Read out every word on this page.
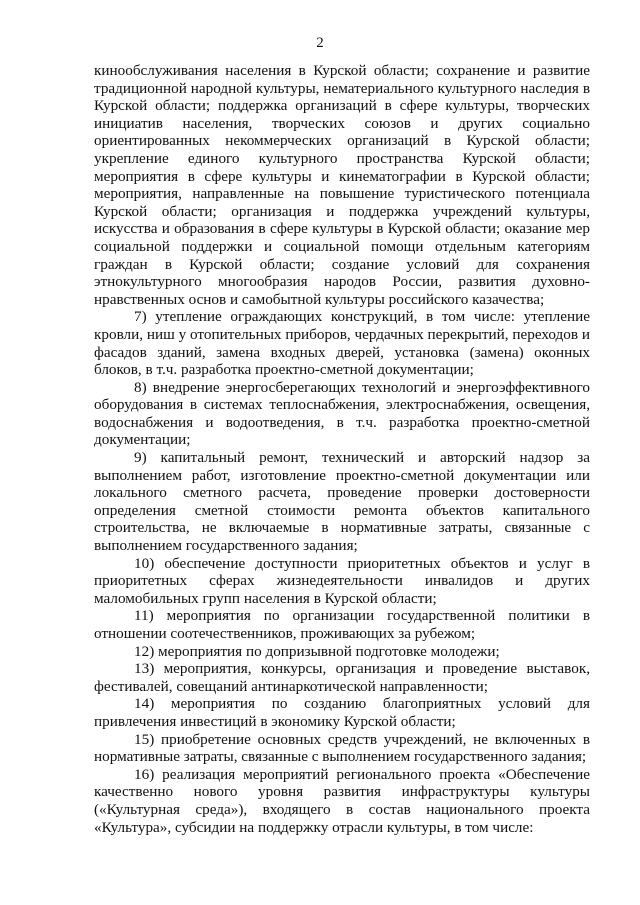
2

кинообслуживания населения в Курской области; сохранение и развитие традиционной народной культуры, нематериального культурного наследия в Курской области; поддержка организаций в сфере культуры, творческих инициатив населения, творческих союзов и других социально ориентированных некоммерческих организаций в Курской области; укрепление единого культурного пространства Курской области; мероприятия в сфере культуры и кинематографии в Курской области; мероприятия, направленные на повышение туристического потенциала Курской области; организация и поддержка учреждений культуры, искусства и образования в сфере культуры в Курской области; оказание мер социальной поддержки и социальной помощи отдельным категориям граждан в Курской области; создание условий для сохранения этнокультурного многообразия народов России, развития духовно-нравственных основ и самобытной культуры российского казачества;

7) утепление ограждающих конструкций, в том числе: утепление кровли, ниш у отопительных приборов, чердачных перекрытий, переходов и фасадов зданий, замена входных дверей, установка (замена) оконных блоков, в т.ч. разработка проектно-сметной документации;

8) внедрение энергосберегающих технологий и энергоэффективного оборудования в системах теплоснабжения, электроснабжения, освещения, водоснабжения и водоотведения, в т.ч. разработка проектно-сметной документации;

9) капитальный ремонт, технический и авторский надзор за выполнением работ, изготовление проектно-сметной документации или локального сметного расчета, проведение проверки достоверности определения сметной стоимости ремонта объектов капитального строительства, не включаемые в нормативные затраты, связанные с выполнением государственного задания;

10) обеспечение доступности приоритетных объектов и услуг в приоритетных сферах жизнедеятельности инвалидов и других маломобильных групп населения в Курской области;

11) мероприятия по организации государственной политики в отношении соотечественников, проживающих за рубежом;

12) мероприятия по допризывной подготовке молодежи;

13) мероприятия, конкурсы, организация и проведение выставок, фестивалей, совещаний антинаркотической направленности;

14) мероприятия по созданию благоприятных условий для привлечения инвестиций в экономику Курской области;

15) приобретение основных средств учреждений, не включенных в нормативные затраты, связанные с выполнением государственного задания;

16) реализация мероприятий регионального проекта «Обеспечение качественно нового уровня развития инфраструктуры культуры («Культурная среда»), входящего в состав национального проекта «Культура», субсидии на поддержку отрасли культуры, в том числе:
